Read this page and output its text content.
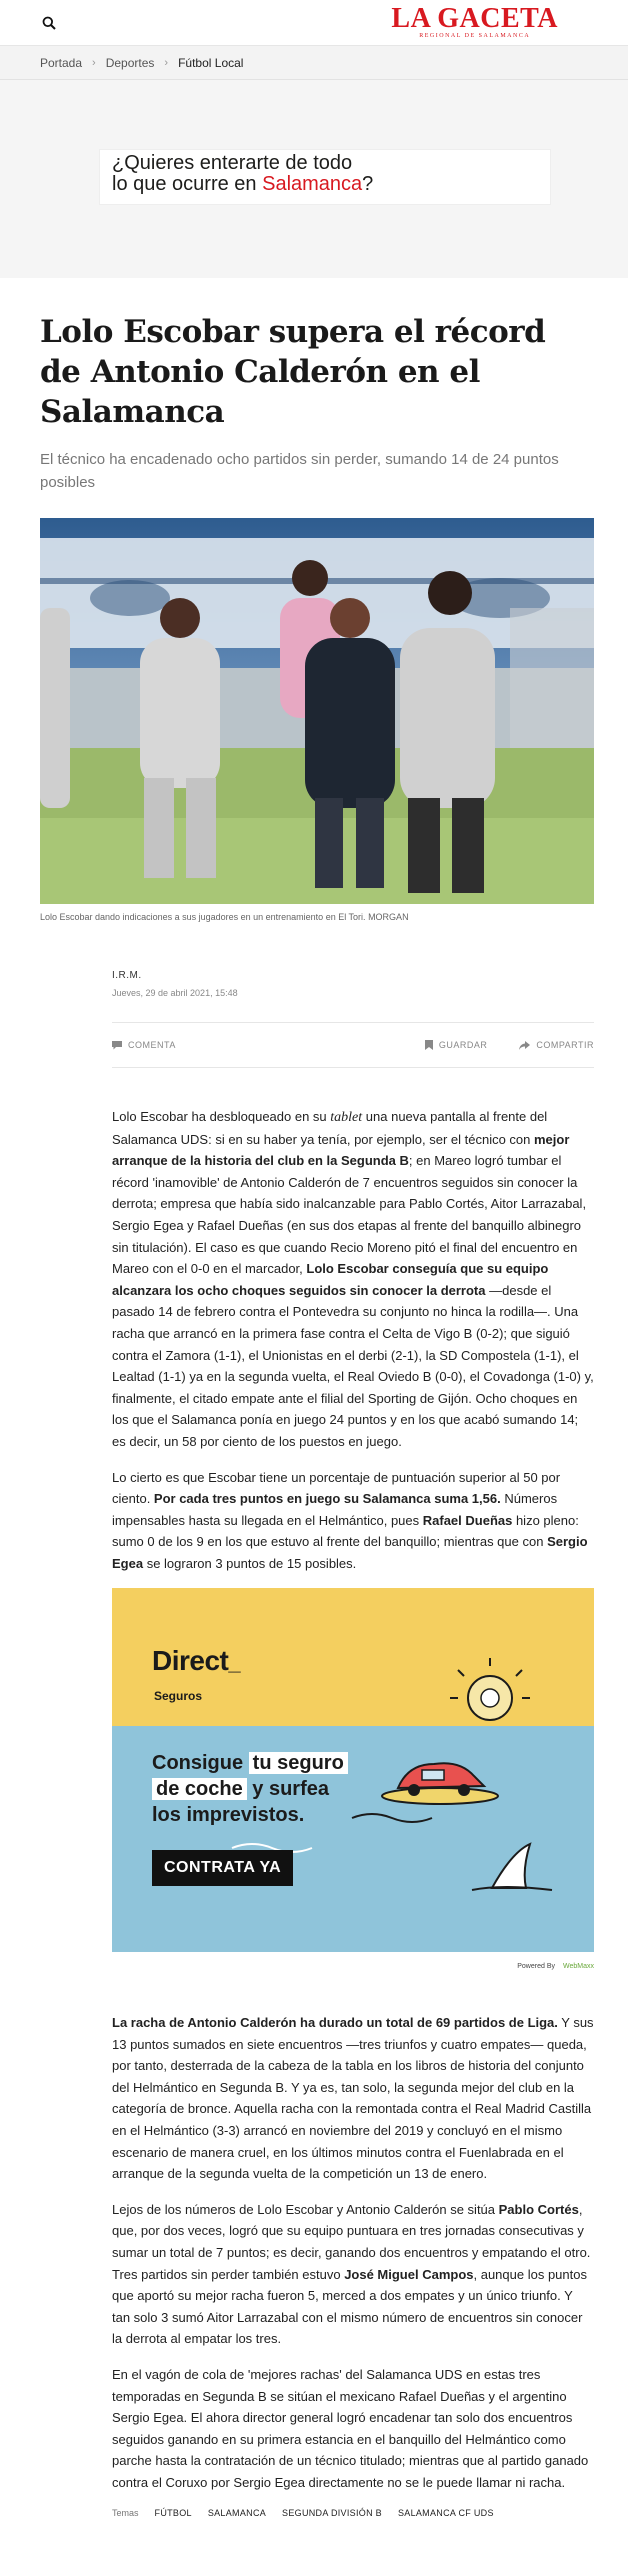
LA GACETA
REGIONAL DE SALAMANCA
Portada › Deportes › Fútbol Local
¿Quieres enterarte de todo
lo que ocurre en Salamanca?
Lolo Escobar supera el récord de Antonio Calderón en el Salamanca
El técnico ha encadenado ocho partidos sin perder, sumando 14 de 24 puntos posibles
Lolo Escobar dando indicaciones a sus jugadores en un entrenamiento en El Tori. MORGAN
I.R.M.
Jueves, 29 de abril 2021, 15:48
COMENTA	GUARDAR	COMPARTIR

Lolo Escobar ha desbloqueado en su tablet una nueva pantalla al frente del Salamanca UDS: si en su haber ya tenía, por ejemplo, ser el técnico con mejor arranque de la historia del club en la Segunda B; en Mareo logró tumbar el récord 'inamovible' de Antonio Calderón de 7 encuentros seguidos sin conocer la derrota; empresa que había sido inalcanzable para Pablo Cortés, Aitor Larrazabal, Sergio Egea y Rafael Dueñas (en sus dos etapas al frente del banquillo albinegro sin titulación). El caso es que cuando Recio Moreno pitó el final del encuentro en Mareo con el 0-0 en el marcador, Lolo Escobar conseguía que su equipo alcanzara los ocho choques seguidos sin conocer la derrota —desde el pasado 14 de febrero contra el Pontevedra su conjunto no hinca la rodilla—. Una racha que arrancó en la primera fase contra el Celta de Vigo B (0-2); que siguió contra el Zamora (1-1), el Unionistas en el derbi (2-1), la SD Compostela (1-1), el Lealtad (1-1) ya en la segunda vuelta, el Real Oviedo B (0-0), el Covadonga (1-0) y, finalmente, el citado empate ante el filial del Sporting de Gijón. Ocho choques en los que el Salamanca ponía en juego 24 puntos y en los que acabó sumando 14; es decir, un 58 por ciento de los puestos en juego.

Lo cierto es que Escobar tiene un porcentaje de puntuación superior al 50 por ciento. Por cada tres puntos en juego su Salamanca suma 1,56. Números impensables hasta su llegada en el Helmántico, pues Rafael Dueñas hizo pleno: sumo 0 de los 9 en los que estuvo al frente del banquillo; mientras que con Sergio Egea se lograron 3 puntos de 15 posibles.

Direct_
Seguros
Consigue tu seguro
de coche y surfea
los imprevistos.
CONTRATA YA
Powered By WebMaxx

La racha de Antonio Calderón ha durado un total de 69 partidos de Liga. Y sus 13 puntos sumados en siete encuentros —tres triunfos y cuatro empates— queda, por tanto, desterrada de la cabeza de la tabla en los libros de historia del conjunto del Helmántico en Segunda B. Y ya es, tan solo, la segunda mejor del club en la categoría de bronce. Aquella racha con la remontada contra el Real Madrid Castilla en el Helmántico (3-3) arrancó en noviembre del 2019 y concluyó en el mismo escenario de manera cruel, en los últimos minutos contra el Fuenlabrada en el arranque de la segunda vuelta de la competición un 13 de enero.

Lejos de los números de Lolo Escobar y Antonio Calderón se sitúa Pablo Cortés, que, por dos veces, logró que su equipo puntuara en tres jornadas consecutivas y sumar un total de 7 puntos; es decir, ganando dos encuentros y empatando el otro. Tres partidos sin perder también estuvo José Miguel Campos, aunque los puntos que aportó su mejor racha fueron 5, merced a dos empates y un único triunfo. Y tan solo 3 sumó Aitor Larrazabal con el mismo número de encuentros sin conocer la derrota al empatar los tres.

En el vagón de cola de 'mejores rachas' del Salamanca UDS en estas tres temporadas en Segunda B se sitúan el mexicano Rafael Dueñas y el argentino Sergio Egea. El ahora director general logró encadenar tan solo dos encuentros seguidos ganando en su primera estancia en el banquillo del Helmántico como parche hasta la contratación de un técnico titulado; mientras que al partido ganado contra el Coruxo por Sergio Egea directamente no se le puede llamar ni racha.

Temas FÚTBOL SALAMANCA SEGUNDA DIVISIÓN B SALAMANCA CF UDS
